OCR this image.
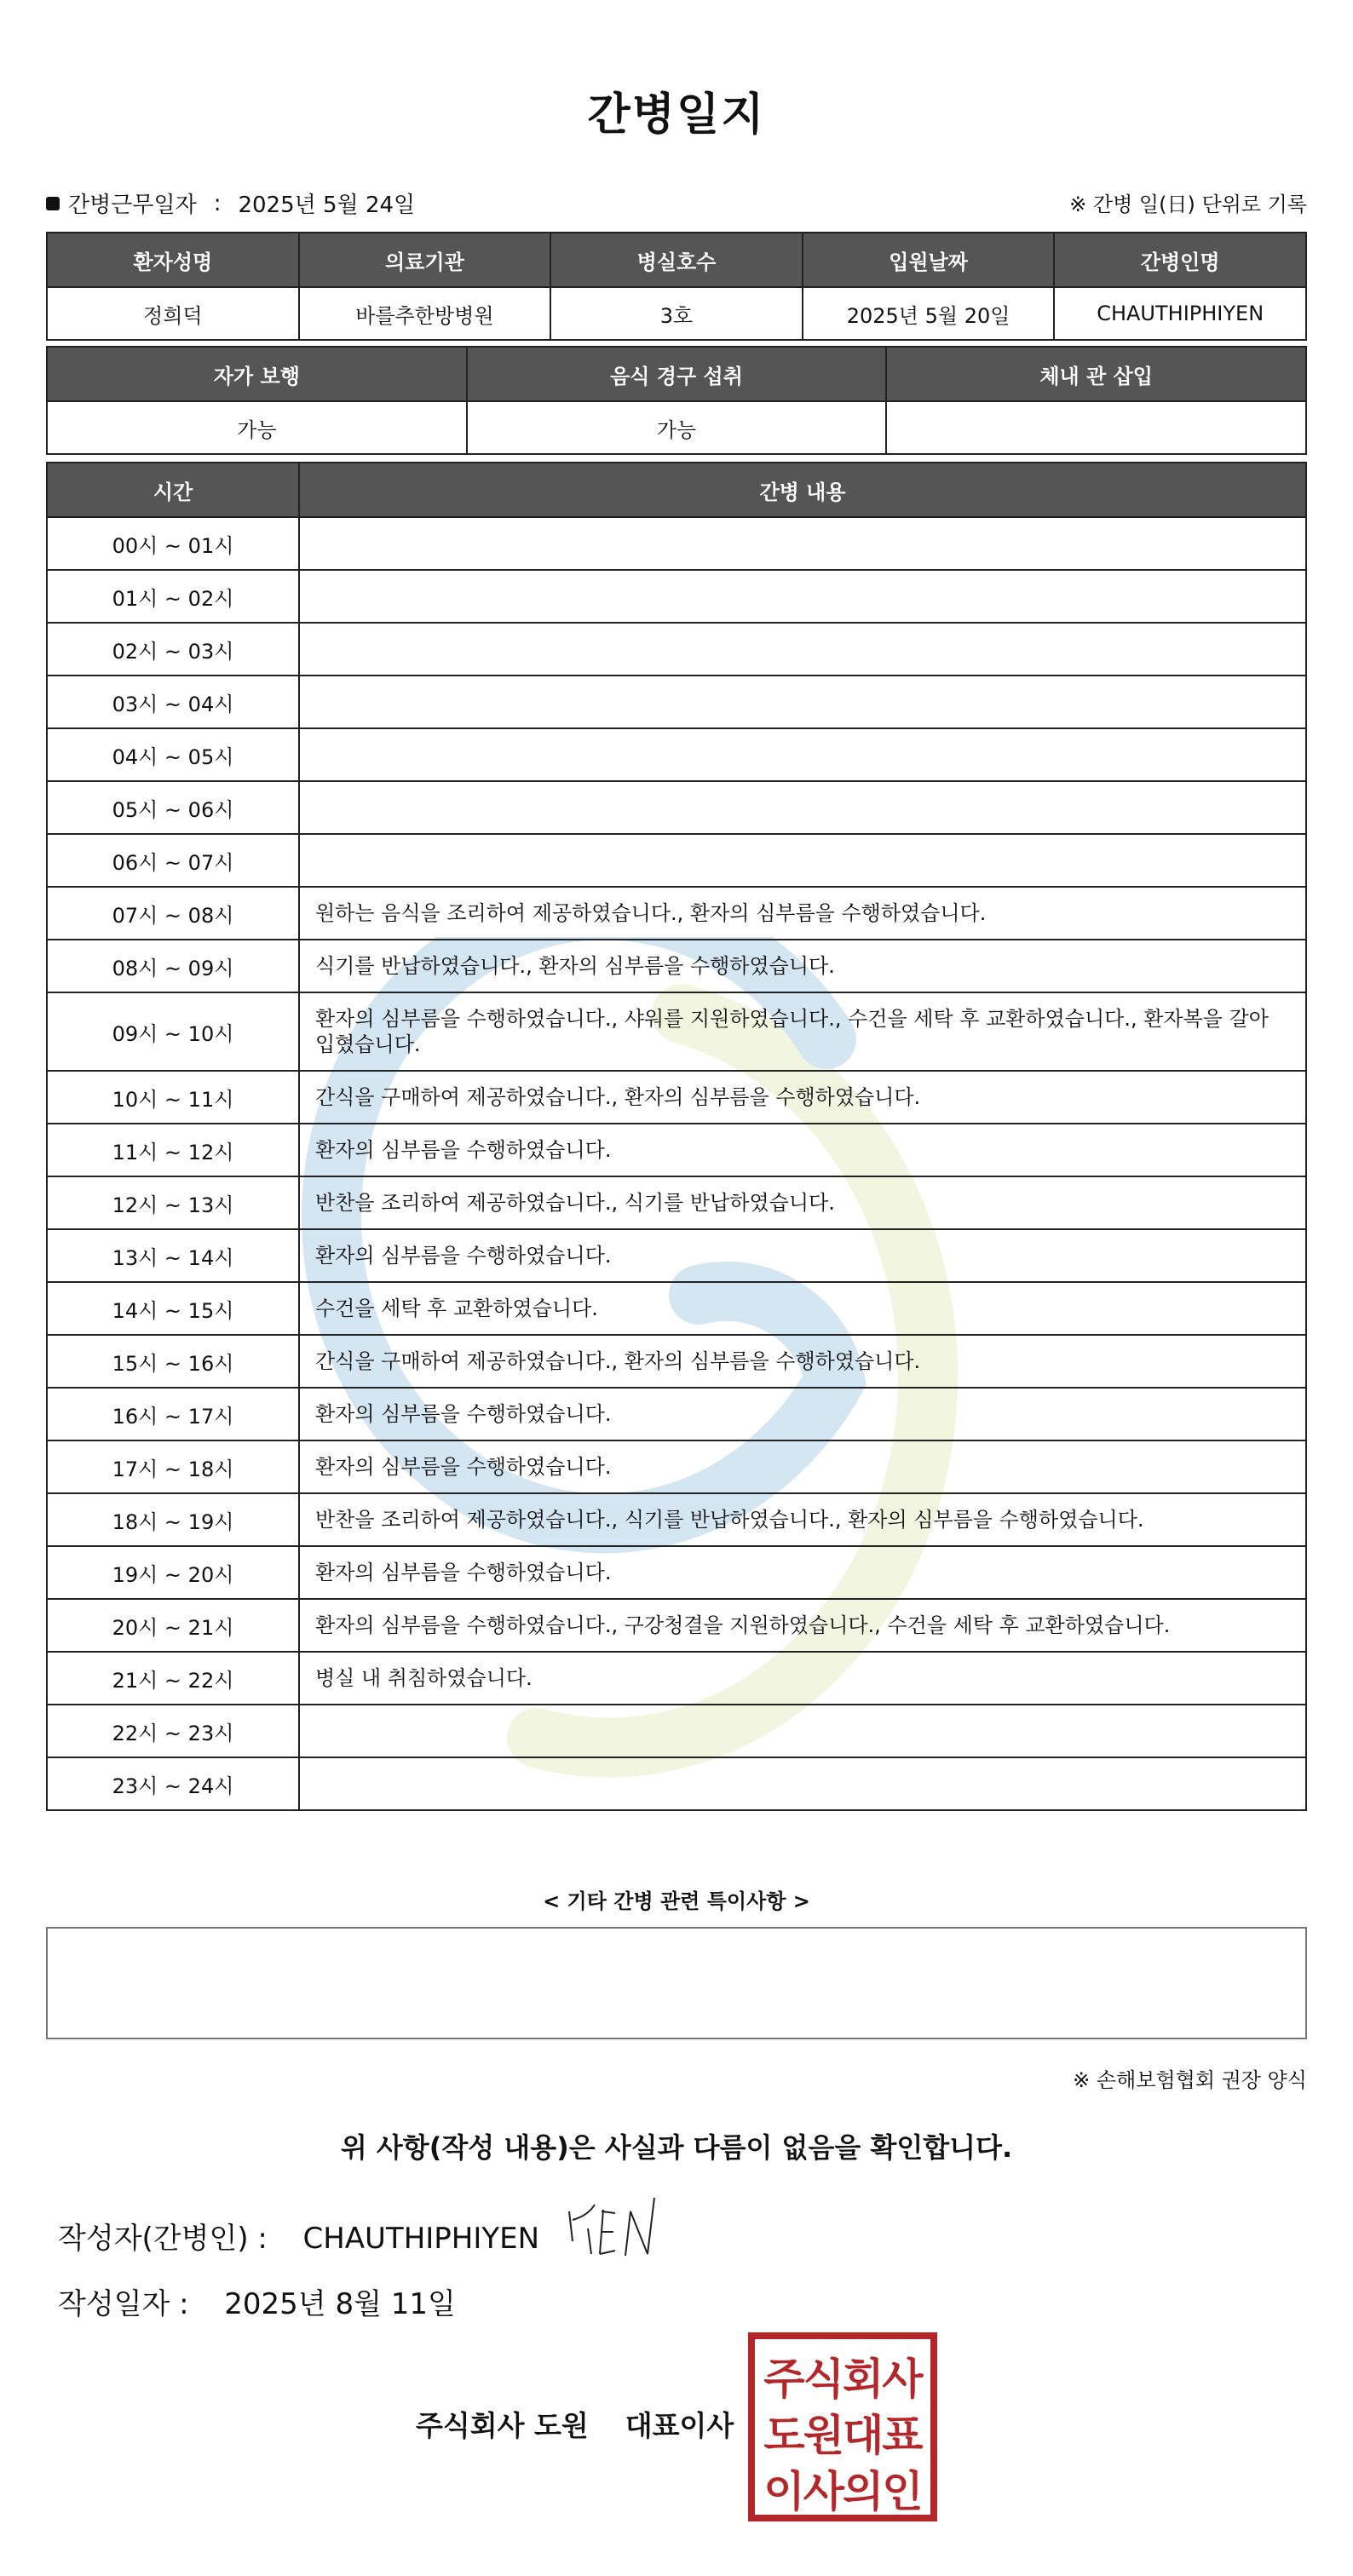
간병일지
간병근무일자 : 2025년 5월 24일	※ 간병 일(日) 단위로 기록
환자성명	의료기관	병실호수	입원날짜	간병인명
정희덕	바를추한방병원	3호	2025년 5월 20일	CHAUTHIPHIYEN
자가 보행	음식 경구 섭취	체내 관 삽입
가능	가능	
시간	간병 내용
00시 ~ 01시	
01시 ~ 02시	
02시 ~ 03시	
03시 ~ 04시	
04시 ~ 05시	
05시 ~ 06시	
06시 ~ 07시	
07시 ~ 08시	원하는 음식을 조리하여 제공하였습니다., 환자의 심부름을 수행하였습니다.
08시 ~ 09시	식기를 반납하였습니다., 환자의 심부름을 수행하였습니다.
09시 ~ 10시	환자의 심부름을 수행하였습니다., 샤워를 지원하였습니다., 수건을 세탁 후 교환하였습니다., 환자복을 갈아입혔습니다.
10시 ~ 11시	간식을 구매하여 제공하였습니다., 환자의 심부름을 수행하였습니다.
11시 ~ 12시	환자의 심부름을 수행하였습니다.
12시 ~ 13시	반찬을 조리하여 제공하였습니다., 식기를 반납하였습니다.
13시 ~ 14시	환자의 심부름을 수행하였습니다.
14시 ~ 15시	수건을 세탁 후 교환하였습니다.
15시 ~ 16시	간식을 구매하여 제공하였습니다., 환자의 심부름을 수행하였습니다.
16시 ~ 17시	환자의 심부름을 수행하였습니다.
17시 ~ 18시	환자의 심부름을 수행하였습니다.
18시 ~ 19시	반찬을 조리하여 제공하였습니다., 식기를 반납하였습니다., 환자의 심부름을 수행하였습니다.
19시 ~ 20시	환자의 심부름을 수행하였습니다.
20시 ~ 21시	환자의 심부름을 수행하였습니다., 구강청결을 지원하였습니다., 수건을 세탁 후 교환하였습니다.
21시 ~ 22시	병실 내 취침하였습니다.
22시 ~ 23시	
23시 ~ 24시	
< 기타 간병 관련 특이사항 >
※ 손해보험협회 권장 양식
위 사항(작성 내용)은 사실과 다름이 없음을 확인합니다.
작성자(간병인) : CHAUTHIPHIYEN
작성일자 : 2025년 8월 11일
주식회사 도원 대표이사
주식회사
도원대표
이사의인
